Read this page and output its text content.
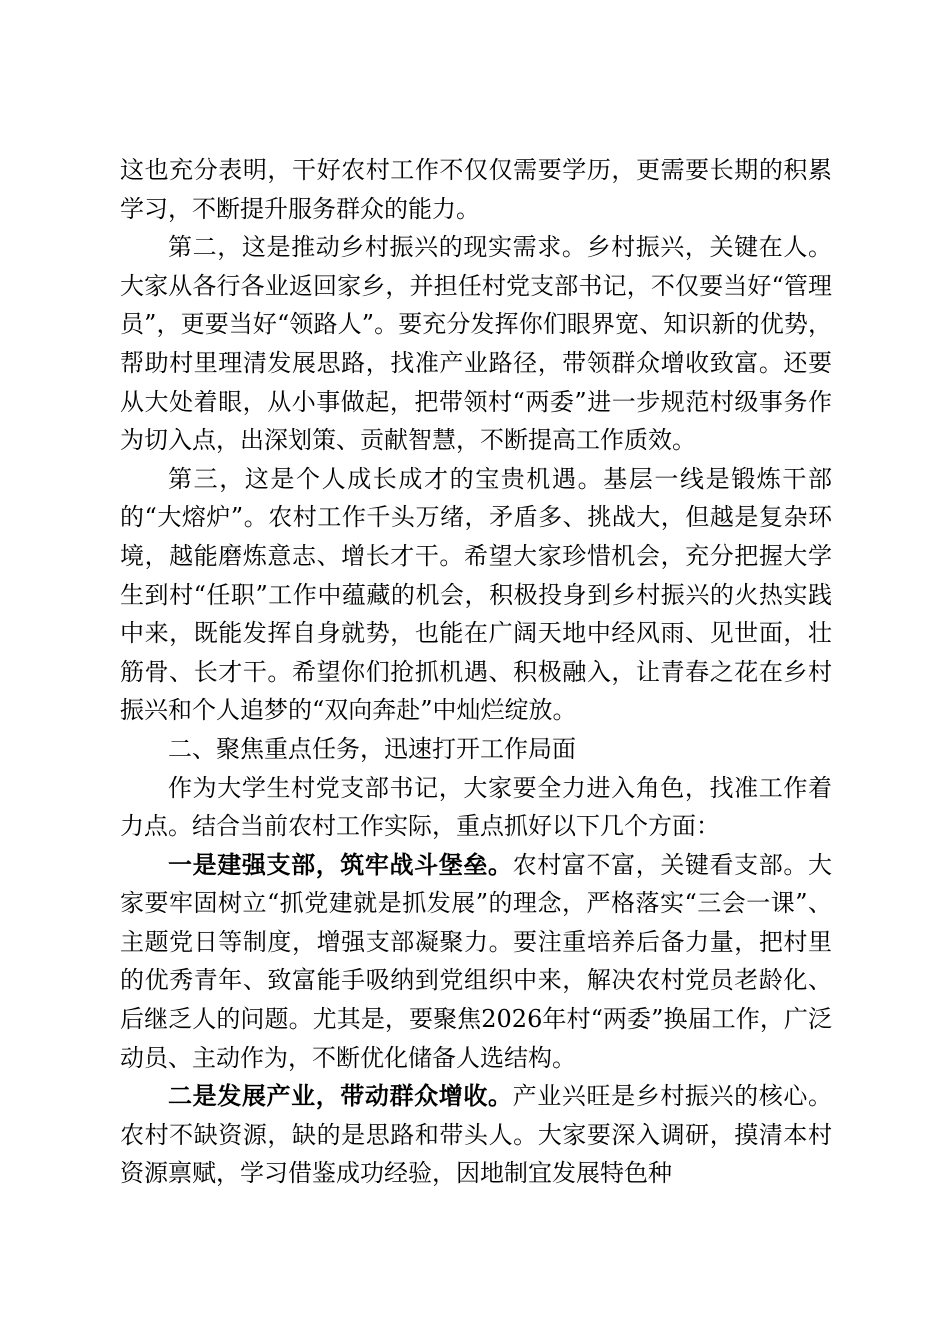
这也充分表明，干好农村工作不仅仅需要学历，更需要长期的积累学习，不断提升服务群众的能力。

第二，这是推动乡村振兴的现实需求。乡村振兴，关键在人。大家从各行各业返回家乡，并担任村党支部书记，不仅要当好“管理员”，更要当好“领路人”。要充分发挥你们眼界宽、知识新的优势，帮助村里理清发展思路，找准产业路径，带领群众增收致富。还要从大处着眼，从小事做起，把带领村“两委”进一步规范村级事务作为切入点，出深划策、贡献智慧，不断提高工作质效。

第三，这是个人成长成才的宝贵机遇。基层一线是锻炼干部的“大熔炉”。农村工作千头万绪，矛盾多、挑战大，但越是复杂环境，越能磨炼意志、增长才干。希望大家珍惜机会，充分把握大学生到村“任职”工作中蕴藏的机会，积极投身到乡村振兴的火热实践中来，既能发挥自身就势，也能在广阔天地中经风雨、见世面，壮筋骨、长才干。希望你们抢抓机遇、积极融入，让青春之花在乡村振兴和个人追梦的“双向奔赴”中灿烂绽放。

二、聚焦重点任务，迅速打开工作局面

作为大学生村党支部书记，大家要全力进入角色，找准工作着力点。结合当前农村工作实际，重点抓好以下几个方面：

一是建强支部，筑牢战斗堡垒。农村富不富，关键看支部。大家要牢固树立“抓党建就是抓发展”的理念，严格落实“三会一课”、主题党日等制度，增强支部凝聚力。要注重培养后备力量，把村里的优秀青年、致富能手吸纳到党组织中来，解决农村党员老龄化、后继乏人的问题。尤其是，要聚焦2026年村“两委”换届工作，广泛动员、主动作为，不断优化储备人选结构。

二是发展产业，带动群众增收。产业兴旺是乡村振兴的核心。农村不缺资源，缺的是思路和带头人。大家要深入调研，摸清本村资源禀赋，学习借鉴成功经验，因地制宜发展特色种
